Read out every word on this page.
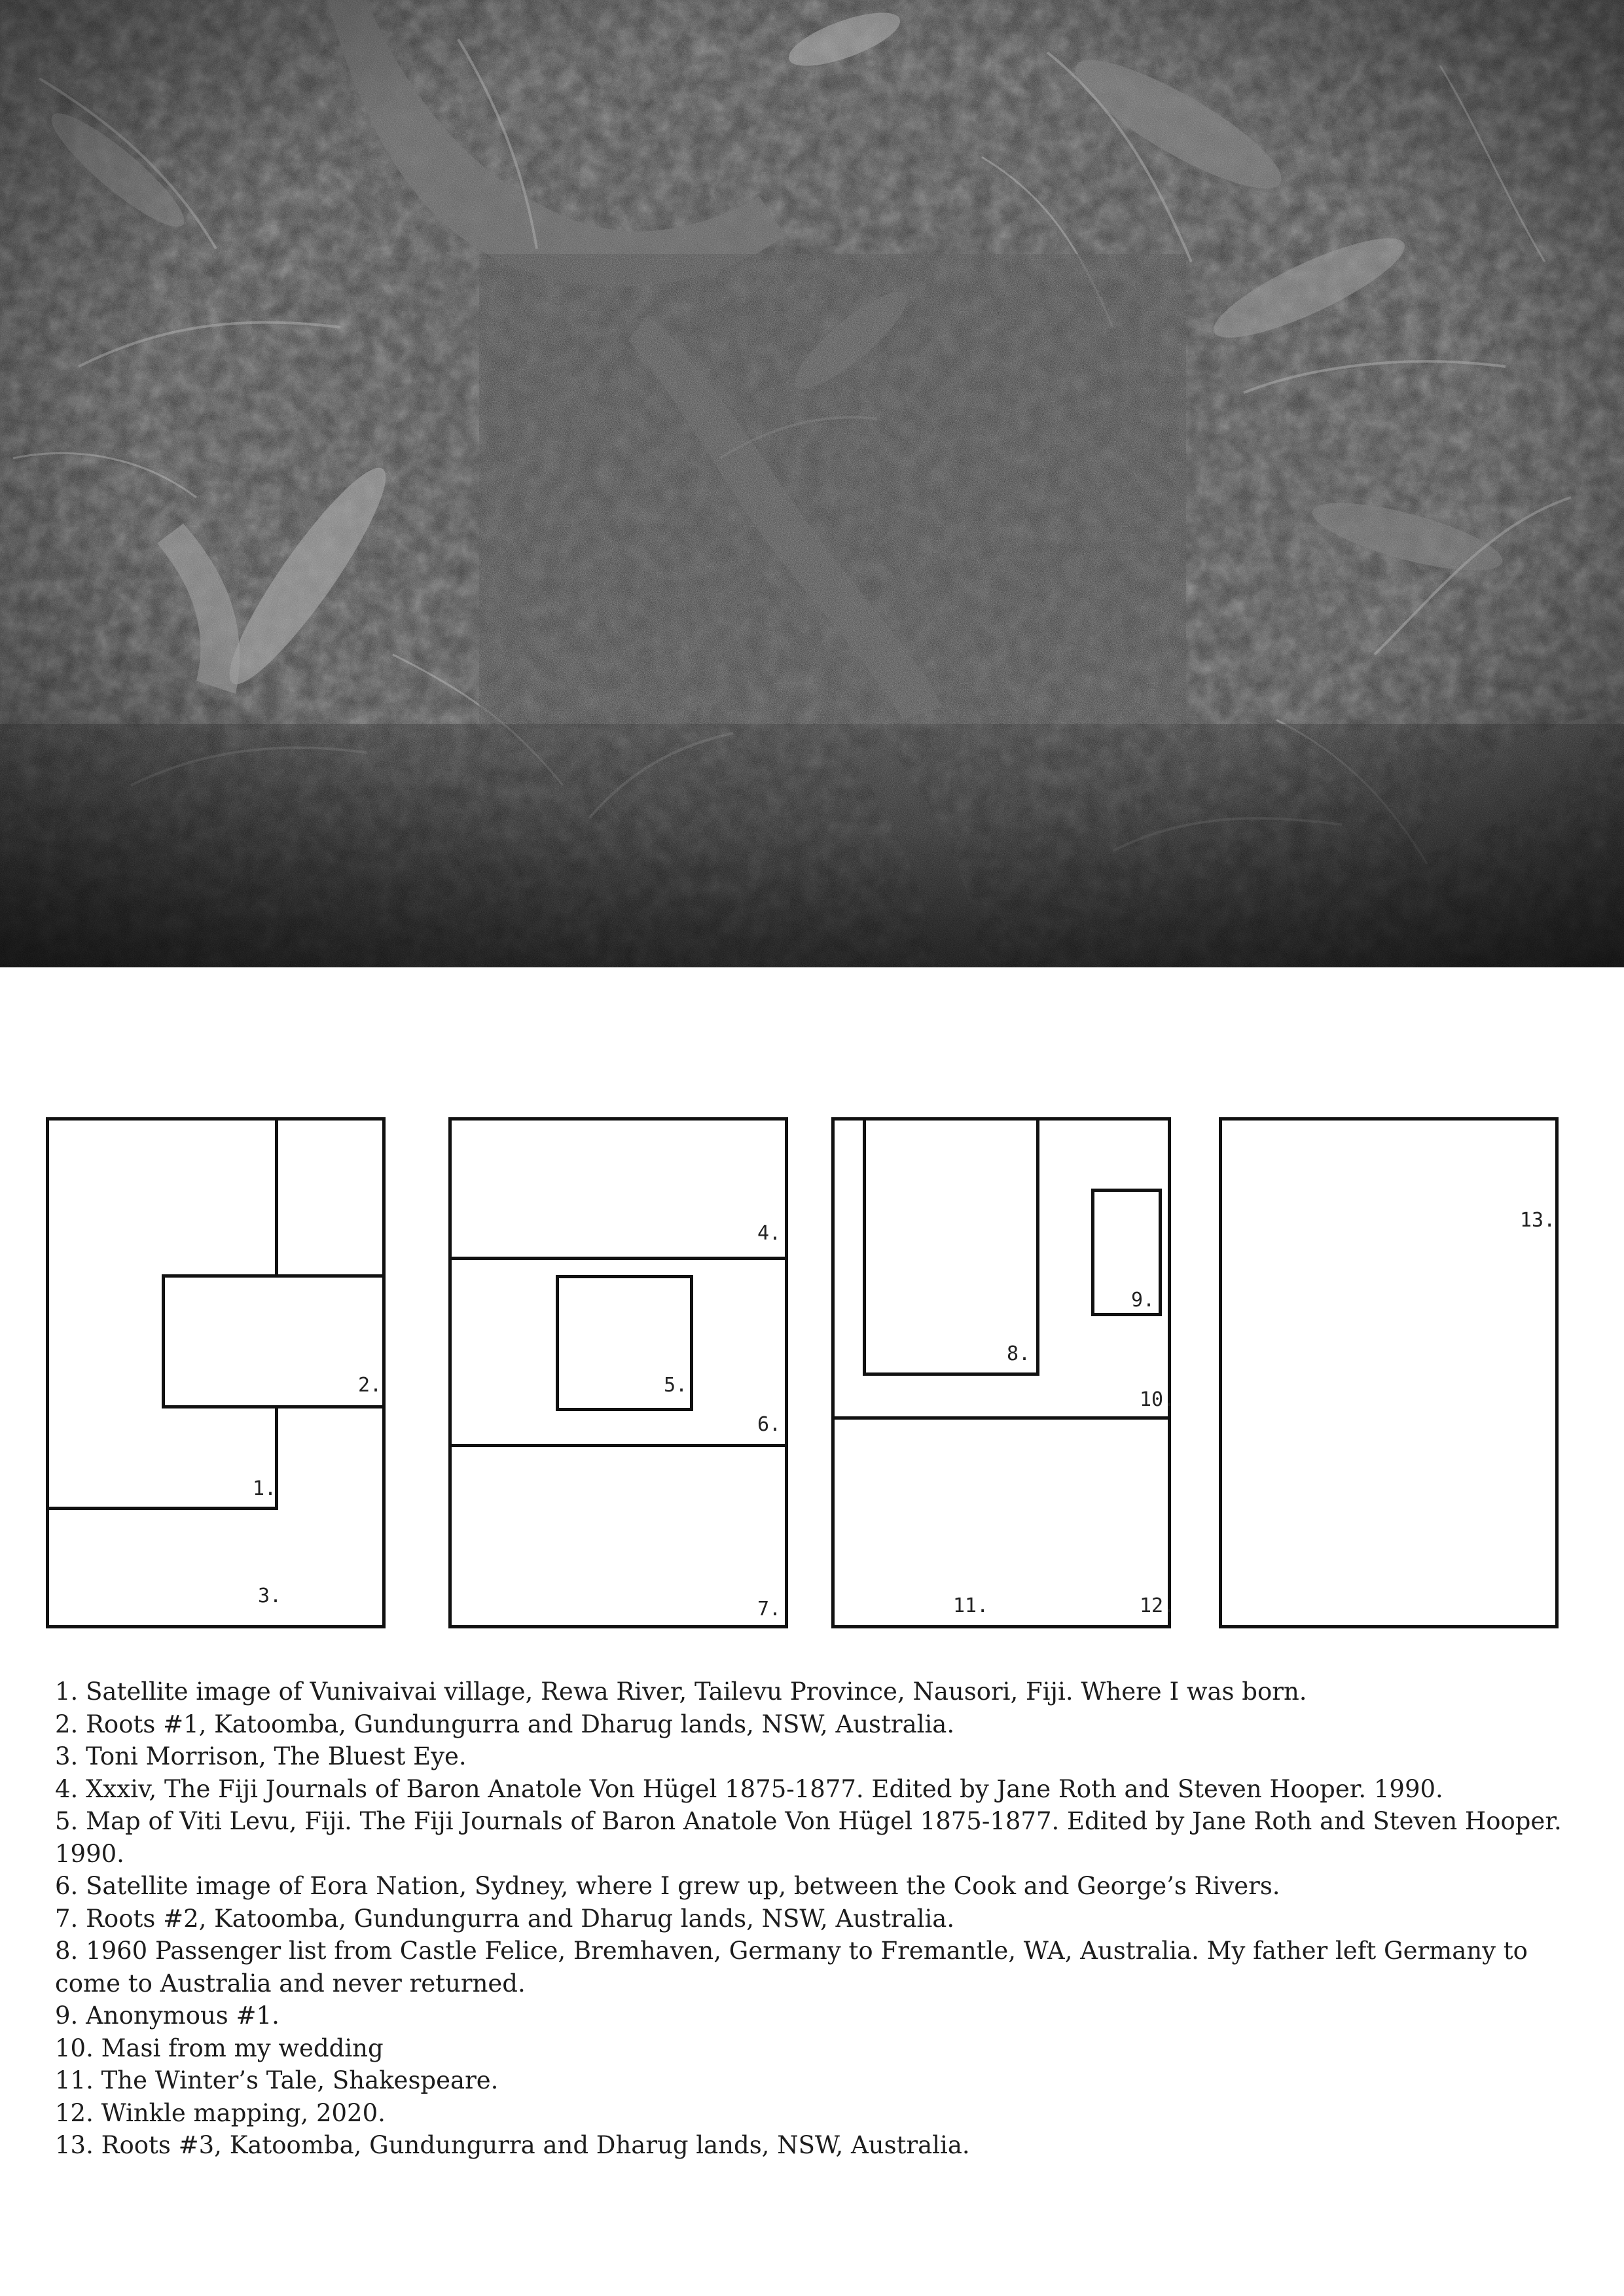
1.
2.
3.
4.
5.
6.
7.
8.
9.
10.
11.	12.
13.
1. Satellite image of Vunivaivai village, Rewa River, Tailevu Province, Nausori, Fiji. Where I was born.
2. Roots #1, Katoomba, Gundungurra and Dharug lands, NSW, Australia.
3. Toni Morrison, The Bluest Eye.
4. Xxxiv, The Fiji Journals of Baron Anatole Von Hügel 1875-1877. Edited by Jane Roth and Steven Hooper. 1990.
5. Map of Viti Levu, Fiji. The Fiji Journals of Baron Anatole Von Hügel 1875-1877. Edited by Jane Roth and Steven Hooper. 1990.
6. Satellite image of Eora Nation, Sydney, where I grew up, between the Cook and George’s Rivers.
7. Roots #2, Katoomba, Gundungurra and Dharug lands, NSW, Australia.
8. 1960 Passenger list from Castle Felice, Bremhaven, Germany to Fremantle, WA, Australia. My father left Germany to come to Australia and never returned.
9. Anonymous #1.
10. Masi from my wedding
11. The Winter’s Tale, Shakespeare.
12. Winkle mapping, 2020.
13. Roots #3, Katoomba, Gundungurra and Dharug lands, NSW, Australia.
